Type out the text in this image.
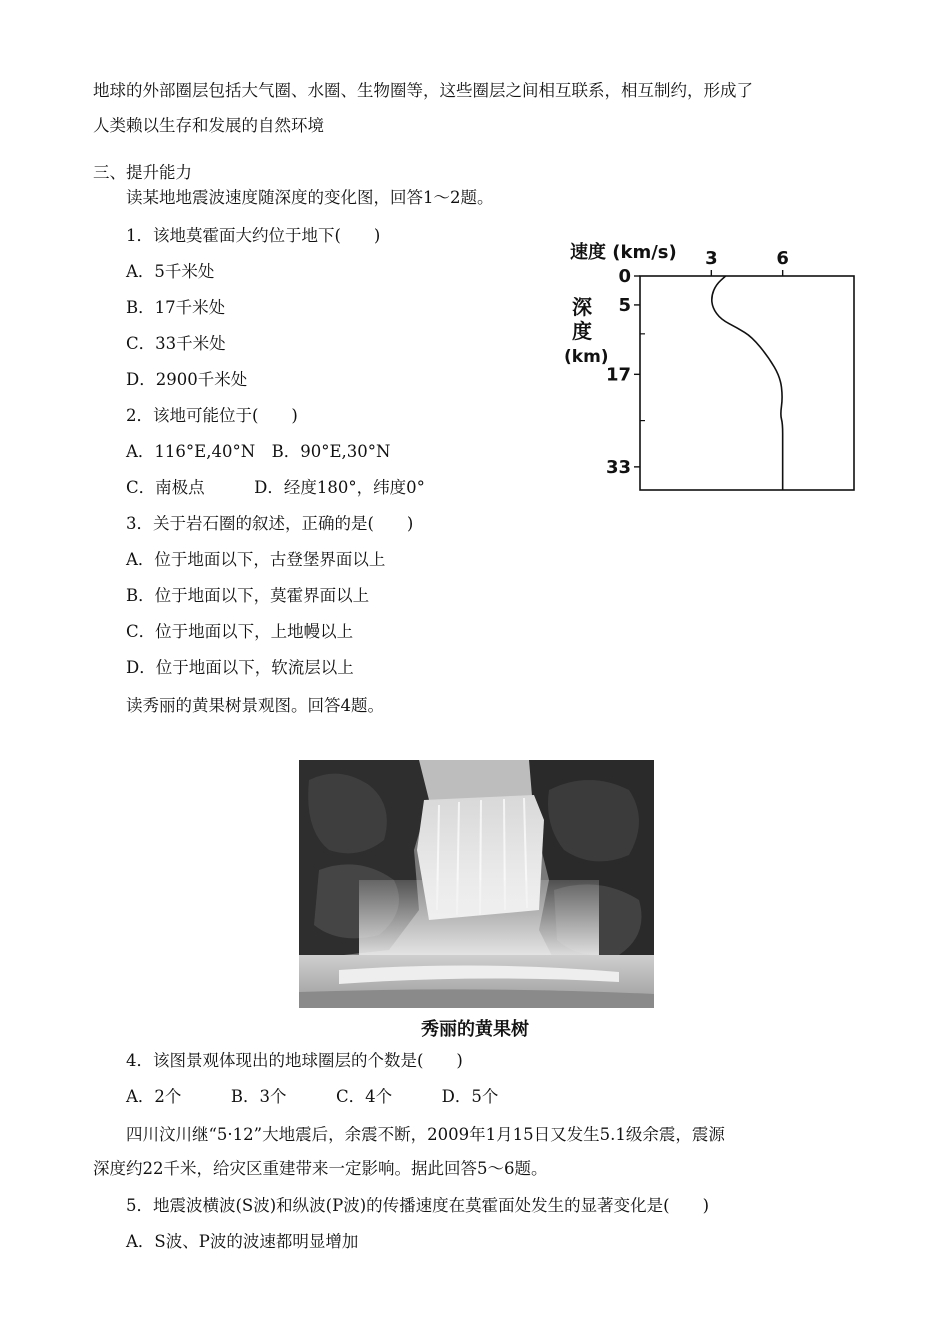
地球的外部圈层包括大气圈、水圈、生物圈等，这些圈层之间相互联系，相互制约，形成了
人类赖以生存和发展的自然环境
三、提升能力
读某地地震波速度随深度的变化图，回答1～2题。
1．该地莫霍面大约位于地下(　　)
A．5千米处
B．17千米处
C．33千米处
D．2900千米处
2．该地可能位于(　　)
A．116°E,40°N　B．90°E,30°N
C．南极点　　　D．经度180°，纬度0°
3．关于岩石圈的叙述，正确的是(　　)
A．位于地面以下，古登堡界面以上
B．位于地面以下，莫霍界面以上
C．位于地面以下，上地幔以上
D．位于地面以下，软流层以上
读秀丽的黄果树景观图。回答4题。
速度 (km/s)
深
度
(km)
3	6
0
5
17
33
秀丽的黄果树
4．该图景观体现出的地球圈层的个数是(　　)
A．2个　　　B．3个　　　C．4个　　　D．5个
四川汶川继“5·12”大地震后，余震不断，2009年1月15日又发生5.1级余震，震源
深度约22千米，给灾区重建带来一定影响。据此回答5～6题。
5．地震波横波(S波)和纵波(P波)的传播速度在莫霍面处发生的显著变化是(　　)
A．S波、P波的波速都明显增加
